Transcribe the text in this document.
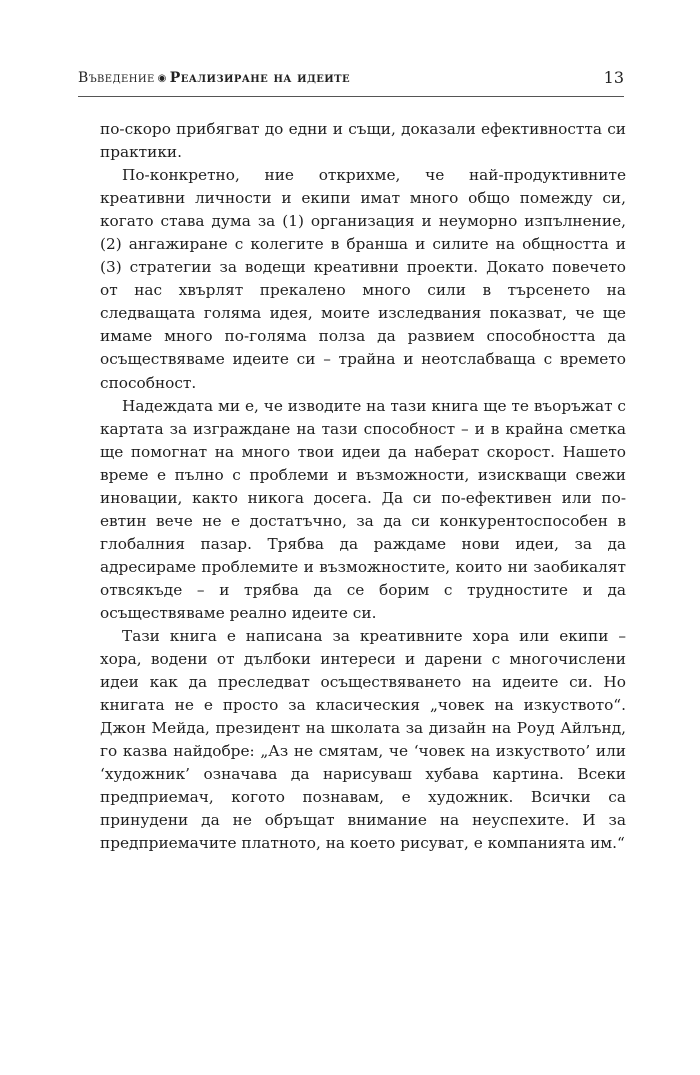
Въведение ◉ Реализиране на идеите	13

по-скоро прибягват до едни и същи, доказали ефективността си практики.

По-конкретно, ние открихме, че най-продуктивните креативни личности и екипи имат много общо помежду си, когато става дума за (1) организация и неуморно изпълнение, (2) ангажиране с колегите в бранша и силите на общността и (3) стратегии за водещи креативни проекти. Докато повечето от нас хвърлят прекалено много сили в търсенето на следващата голяма идея, моите изследвания показват, че ще имаме много по-голяма полза да развием способността да осъществяваме идеите си – трайна и неотслабваща с времето способност.

Надеждата ми е, че изводите на тази книга ще те въоръжат с картата за изграждане на тази способност – и в крайна сметка ще помогнат на много твои идеи да наберат скорост. Нашето време е пълно с проблеми и възможности, изискващи свежи иновации, както никога досега. Да си по-ефективен или по-евтин вече не е достатъчно, за да си конкурентоспособен в глобалния пазар. Трябва да раждаме нови идеи, за да адресираме проблемите и възможностите, които ни заобикалят отвсякъде – и трябва да се борим с трудностите и да осъществяваме реално идеите си.

Тази книга е написана за креативните хора или екипи – хора, водени от дълбоки интереси и дарени с многочислени идеи как да преследват осъществяването на идеите си. Но книгата не е просто за класическия „човек на изкуството“. Джон Мейда, президент на школата за дизайн на Роуд Айлънд, го казва найдобре: „Аз не смятам, че ‘човек на изкуството’ или ‘художник’ означава да нарисуваш хубава картина. Всеки предприемач, когото познавам, е художник. Всички са принудени да не обръщат внимание на неуспехите. И за предприемачите платното, на което рисуват, е компанията им.“
